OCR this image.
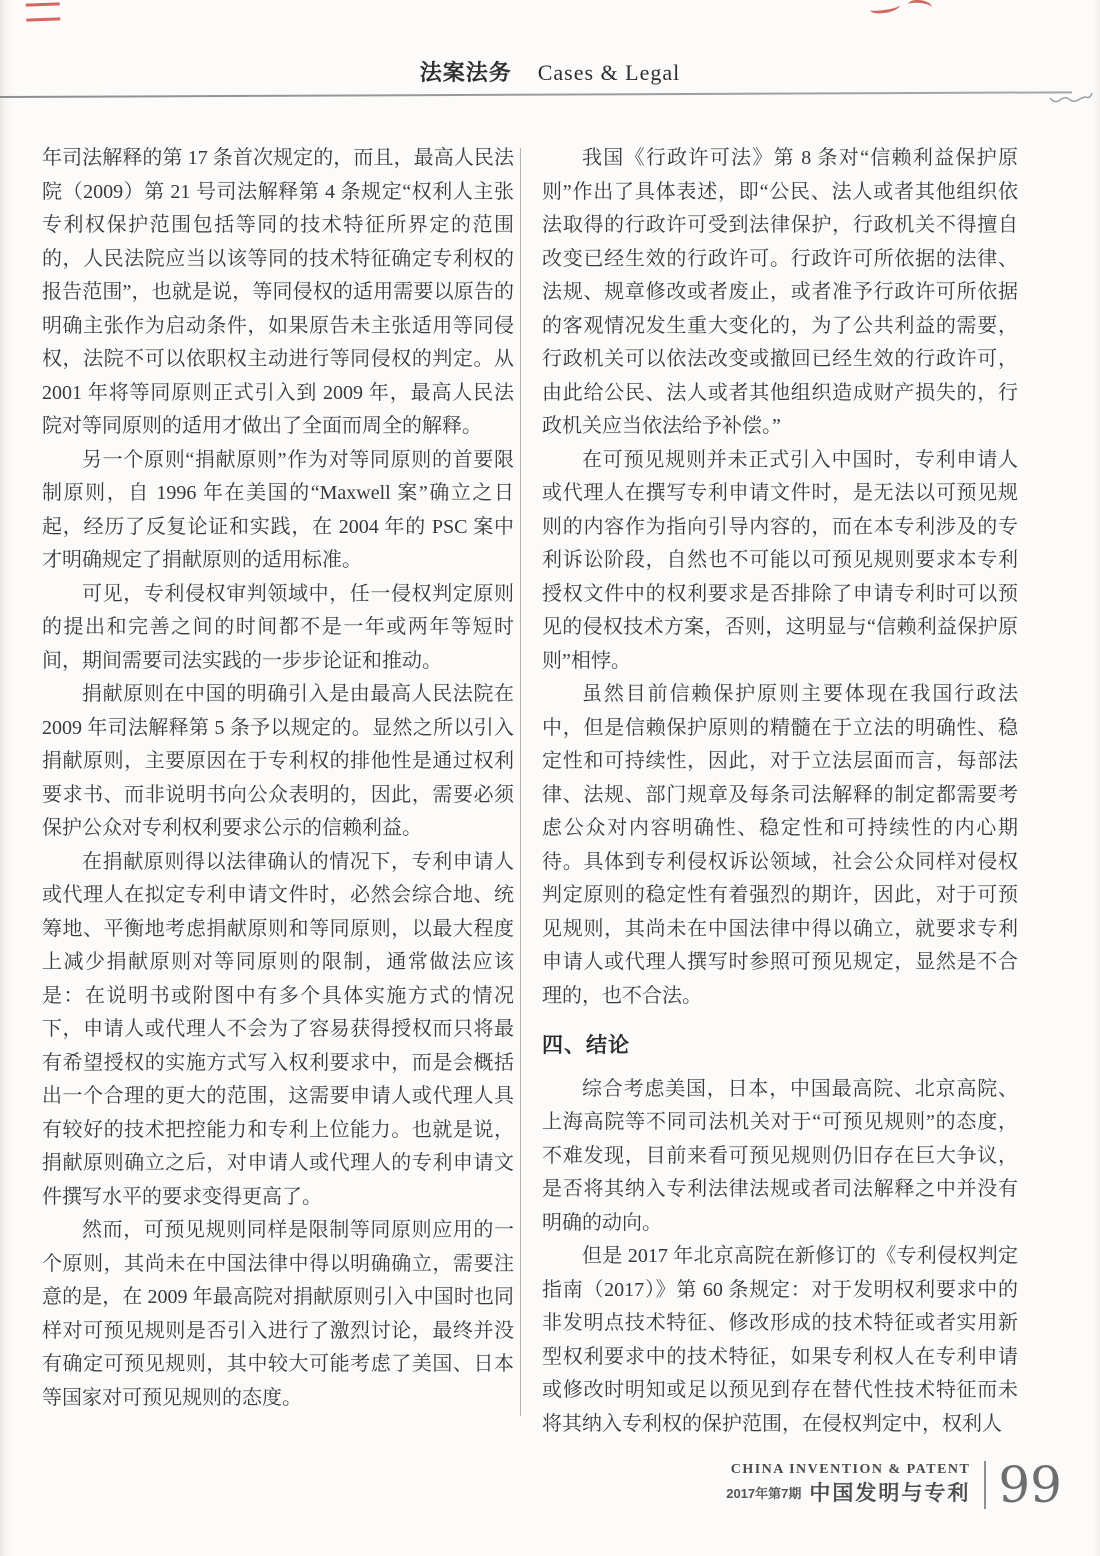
法案法务 Cases & Legal

年司法解释的第 17 条首次规定的，而且，最高人民法院（2009）第 21 号司法解释第 4 条规定“权利人主张专利权保护范围包括等同的技术特征所界定的范围的，人民法院应当以该等同的技术特征确定专利权的报告范围”，也就是说，等同侵权的适用需要以原告的明确主张作为启动条件，如果原告未主张适用等同侵权，法院不可以依职权主动进行等同侵权的判定。从 2001 年将等同原则正式引入到 2009 年，最高人民法院对等同原则的适用才做出了全面而周全的解释。

另一个原则“捐献原则”作为对等同原则的首要限制原则，自 1996 年在美国的“Maxwell 案”确立之日起，经历了反复论证和实践，在 2004 年的 PSC 案中才明确规定了捐献原则的适用标准。

可见，专利侵权审判领域中，任一侵权判定原则的提出和完善之间的时间都不是一年或两年等短时间，期间需要司法实践的一步步论证和推动。

捐献原则在中国的明确引入是由最高人民法院在 2009 年司法解释第 5 条予以规定的。显然之所以引入捐献原则，主要原因在于专利权的排他性是通过权利要求书、而非说明书向公众表明的，因此，需要必须保护公众对专利权利要求公示的信赖利益。

在捐献原则得以法律确认的情况下，专利申请人或代理人在拟定专利申请文件时，必然会综合地、统筹地、平衡地考虑捐献原则和等同原则，以最大程度上减少捐献原则对等同原则的限制，通常做法应该是：在说明书或附图中有多个具体实施方式的情况下，申请人或代理人不会为了容易获得授权而只将最有希望授权的实施方式写入权利要求中，而是会概括出一个合理的更大的范围，这需要申请人或代理人具有较好的技术把控能力和专利上位能力。也就是说，捐献原则确立之后，对申请人或代理人的专利申请文件撰写水平的要求变得更高了。

然而，可预见规则同样是限制等同原则应用的一个原则，其尚未在中国法律中得以明确确立，需要注意的是，在 2009 年最高院对捐献原则引入中国时也同样对可预见规则是否引入进行了激烈讨论，最终并没有确定可预见规则，其中较大可能考虑了美国、日本等国家对可预见规则的态度。

我国《行政许可法》第 8 条对“信赖利益保护原则”作出了具体表述，即“公民、法人或者其他组织依法取得的行政许可受到法律保护，行政机关不得擅自改变已经生效的行政许可。行政许可所依据的法律、法规、规章修改或者废止，或者准予行政许可所依据的客观情况发生重大变化的，为了公共利益的需要，行政机关可以依法改变或撤回已经生效的行政许可，由此给公民、法人或者其他组织造成财产损失的，行政机关应当依法给予补偿。”

在可预见规则并未正式引入中国时，专利申请人或代理人在撰写专利申请文件时，是无法以可预见规则的内容作为指向引导内容的，而在本专利涉及的专利诉讼阶段，自然也不可能以可预见规则要求本专利授权文件中的权利要求是否排除了申请专利时可以预见的侵权技术方案，否则，这明显与“信赖利益保护原则”相悖。

虽然目前信赖保护原则主要体现在我国行政法中，但是信赖保护原则的精髓在于立法的明确性、稳定性和可持续性，因此，对于立法层面而言，每部法律、法规、部门规章及每条司法解释的制定都需要考虑公众对内容明确性、稳定性和可持续性的内心期待。具体到专利侵权诉讼领域，社会公众同样对侵权判定原则的稳定性有着强烈的期许，因此，对于可预见规则，其尚未在中国法律中得以确立，就要求专利申请人或代理人撰写时参照可预见规定，显然是不合理的，也不合法。

四、结论

综合考虑美国，日本，中国最高院、北京高院、上海高院等不同司法机关对于“可预见规则”的态度，不难发现，目前来看可预见规则仍旧存在巨大争议，是否将其纳入专利法律法规或者司法解释之中并没有明确的动向。

但是 2017 年北京高院在新修订的《专利侵权判定指南（2017）》第 60 条规定：对于发明权利要求中的非发明点技术特征、修改形成的技术特征或者实用新型权利要求中的技术特征，如果专利权人在专利申请或修改时明知或足以预见到存在替代性技术特征而未将其纳入专利权的保护范围，在侵权判定中，权利人

CHINA INVENTION & PATENT
2017年第7期 中国发明与专利 99
